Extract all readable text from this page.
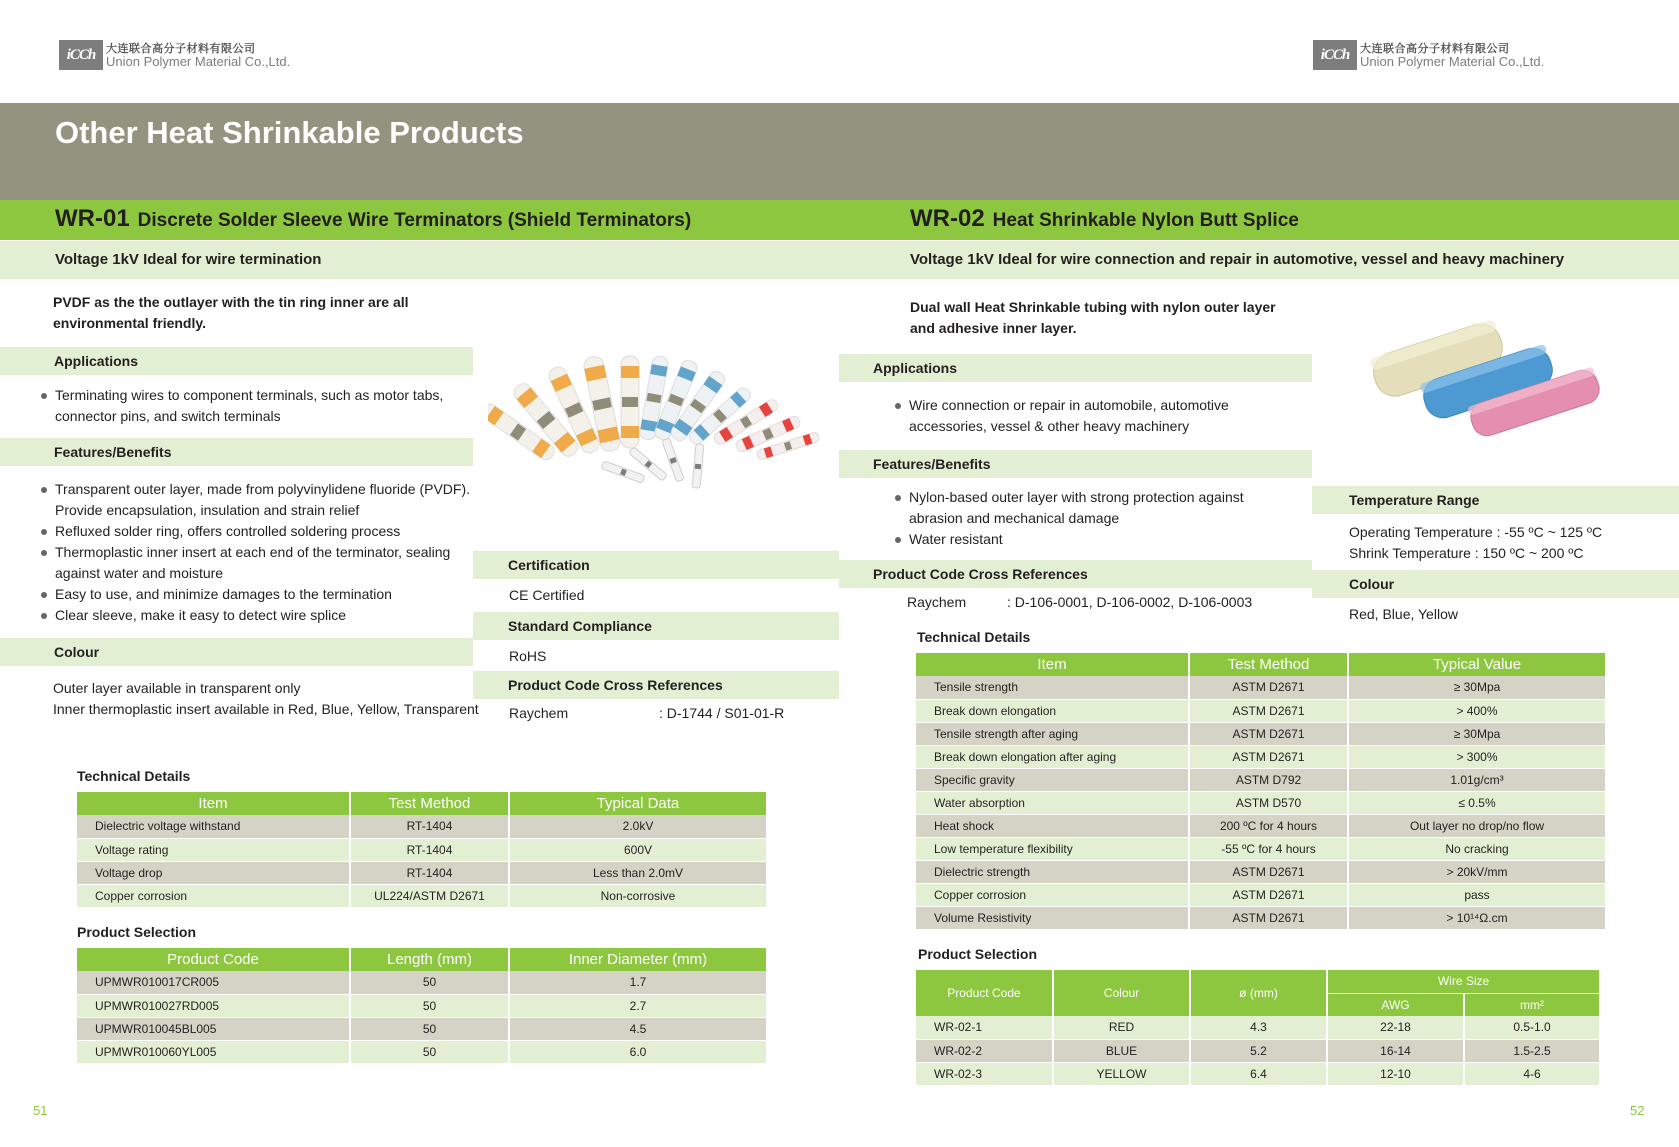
iCCh 大连联合高分子材料有限公司
Union Polymer Material Co.,Ltd.	iCCh 大连联合高分子材料有限公司
Union Polymer Material Co.,Ltd.
Other Heat Shrinkable Products
WR-01 Discrete Solder Sleeve Wire Terminators (Shield Terminators)	WR-02 Heat Shrinkable Nylon Butt Splice
Voltage 1kV Ideal for wire termination	Voltage 1kV Ideal for wire connection and repair in automotive, vessel and heavy machinery
PVDF as the the outlayer with the tin ring inner are all
environmental friendly.
Applications
Terminating wires to component terminals, such as motor tabs,
connector pins, and switch terminals
Features/Benefits
Transparent outer layer, made from polyvinylidene fluoride (PVDF).
Provide encapsulation, insulation and strain relief
Refluxed solder ring, offers controlled soldering process
Thermoplastic inner insert at each end of the terminator, sealing
against water and moisture
Easy to use, and minimize damages to the termination
Clear sleeve, make it easy to detect wire splice
Colour
Outer layer available in transparent only
Inner thermoplastic insert available in Red, Blue, Yellow, Transparent
Certification
CE Certified
Standard Compliance
RoHS
Product Code Cross References
Raychem	: D-1744 / S01-01-R
Technical Details
Item	Test Method	Typical Data
Dielectric voltage withstand	RT-1404	2.0kV
Voltage rating	RT-1404	600V
Voltage drop	RT-1404	Less than 2.0mV
Copper corrosion	UL224/ASTM D2671	Non-corrosive
Product Selection
Product Code	Length (mm)	Inner Diameter (mm)
UPMWR010017CR005	50	1.7
UPMWR010027RD005	50	2.7
UPMWR010045BL005	50	4.5
UPMWR010060YL005	50	6.0
Dual wall Heat Shrinkable tubing with nylon outer layer
and adhesive inner layer.
Applications
Wire connection or repair in automobile, automotive
accessories, vessel & other heavy machinery
Features/Benefits
Nylon-based outer layer with strong protection against
abrasion and mechanical damage
Water resistant
Product Code Cross References
Raychem	: D-106-0001, D-106-0002, D-106-0003
Temperature Range
Operating Temperature : -55 ºC ~ 125 ºC
Shrink Temperature : 150 ºC ~ 200 ºC
Colour
Red, Blue, Yellow
Technical Details
Item	Test Method	Typical Value
Tensile strength	ASTM D2671	≥ 30Mpa
Break down elongation	ASTM D2671	> 400%
Tensile strength after aging	ASTM D2671	≥ 30Mpa
Break down elongation after aging	ASTM D2671	> 300%
Specific gravity	ASTM D792	1.01g/cm³
Water absorption	ASTM D570	≤ 0.5%
Heat shock	200 ºC for 4 hours	Out layer no drop/no flow
Low temperature flexibility	-55 ºC for 4 hours	No cracking
Dielectric strength	ASTM D2671	> 20kV/mm
Copper corrosion	ASTM D2671	pass
Volume Resistivity	ASTM D2671	> 10¹⁴Ω.cm
Product Selection
Product Code	Colour	ø (mm)	Wire Size	
			AWG	mm²
WR-02-1	RED	4.3	22-18	0.5-1.0
WR-02-2	BLUE	5.2	16-14	1.5-2.5
WR-02-3	YELLOW	6.4	12-10	4-6
51	52
